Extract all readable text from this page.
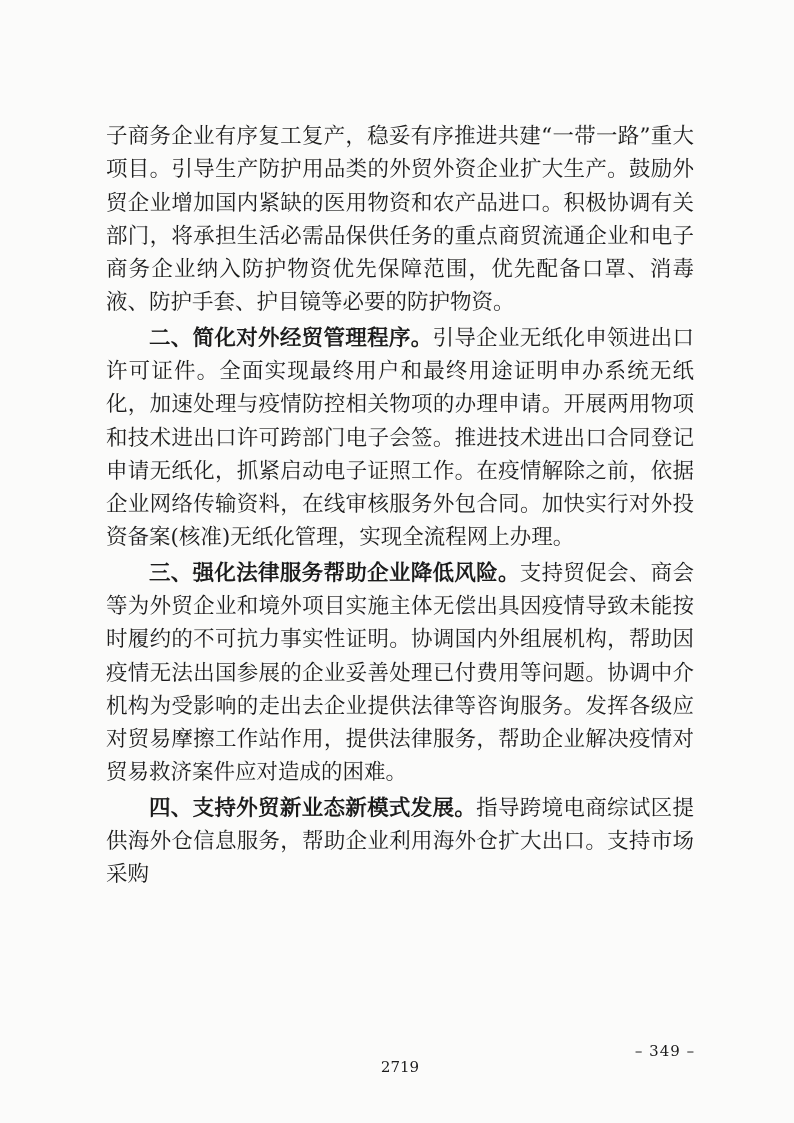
子商务企业有序复工复产，稳妥有序推进共建“一带一路”重大项目。引导生产防护用品类的外贸外资企业扩大生产。鼓励外贸企业增加国内紧缺的医用物资和农产品进口。积极协调有关部门，将承担生活必需品保供任务的重点商贸流通企业和电子商务企业纳入防护物资优先保障范围，优先配备口罩、消毒液、防护手套、护目镜等必要的防护物资。

二、简化对外经贸管理程序。引导企业无纸化申领进出口许可证件。全面实现最终用户和最终用途证明申办系统无纸化，加速处理与疫情防控相关物项的办理申请。开展两用物项和技术进出口许可跨部门电子会签。推进技术进出口合同登记申请无纸化，抓紧启动电子证照工作。在疫情解除之前，依据企业网络传输资料，在线审核服务外包合同。加快实行对外投资备案(核准)无纸化管理，实现全流程网上办理。

三、强化法律服务帮助企业降低风险。支持贸促会、商会等为外贸企业和境外项目实施主体无偿出具因疫情导致未能按时履约的不可抗力事实性证明。协调国内外组展机构，帮助因疫情无法出国参展的企业妥善处理已付费用等问题。协调中介机构为受影响的走出去企业提供法律等咨询服务。发挥各级应对贸易摩擦工作站作用，提供法律服务，帮助企业解决疫情对贸易救济案件应对造成的困难。

四、支持外贸新业态新模式发展。指导跨境电商综试区提供海外仓信息服务，帮助企业利用海外仓扩大出口。支持市场采购

– 349 –
2719
